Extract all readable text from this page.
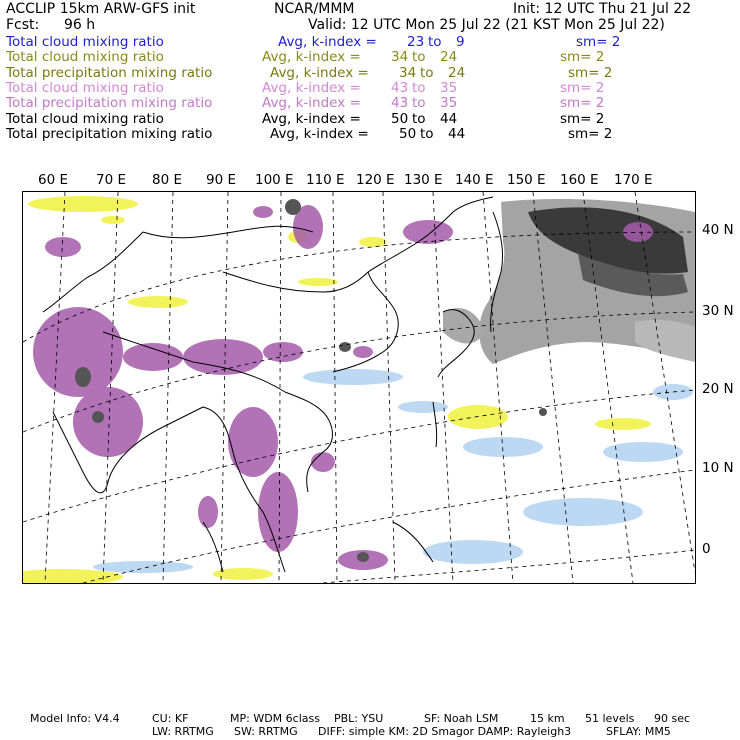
ACCLIP 15km ARW-GFS init	NCAR/MMM	Init: 12 UTC Thu 21 Jul 22
Fcst: 96 h	Valid: 12 UTC Mon 25 Jul 22 (21 KST Mon 25 Jul 22)
Total cloud mixing ratio	Avg, k-index = 23 to 9	sm= 2
Total cloud mixing ratio	Avg, k-index = 34 to 24	sm= 2
Total precipitation mixing ratio	Avg, k-index = 34 to 24	sm= 2
Total cloud mixing ratio	Avg, k-index = 43 to 35	sm= 2
Total precipitation mixing ratio	Avg, k-index = 43 to 35	sm= 2
Total cloud mixing ratio	Avg, k-index = 50 to 44	sm= 2
Total precipitation mixing ratio	Avg, k-index = 50 to 44	sm= 2
60 E 70 E 80 E 90 E 100 E 110 E 120 E 130 E 140 E 150 E 160 E 170 E
40 N
30 N
20 N
10 N
0
Model Info: V4.4	CU: KF	MP: WDM 6class PBL: YSU	SF: Noah LSM	15 km 51 levels 90 sec
LW: RRTMG SW: RRTMG DIFF: simple KM: 2D Smagor DAMP: Rayleigh3	SFLAY: MM5
